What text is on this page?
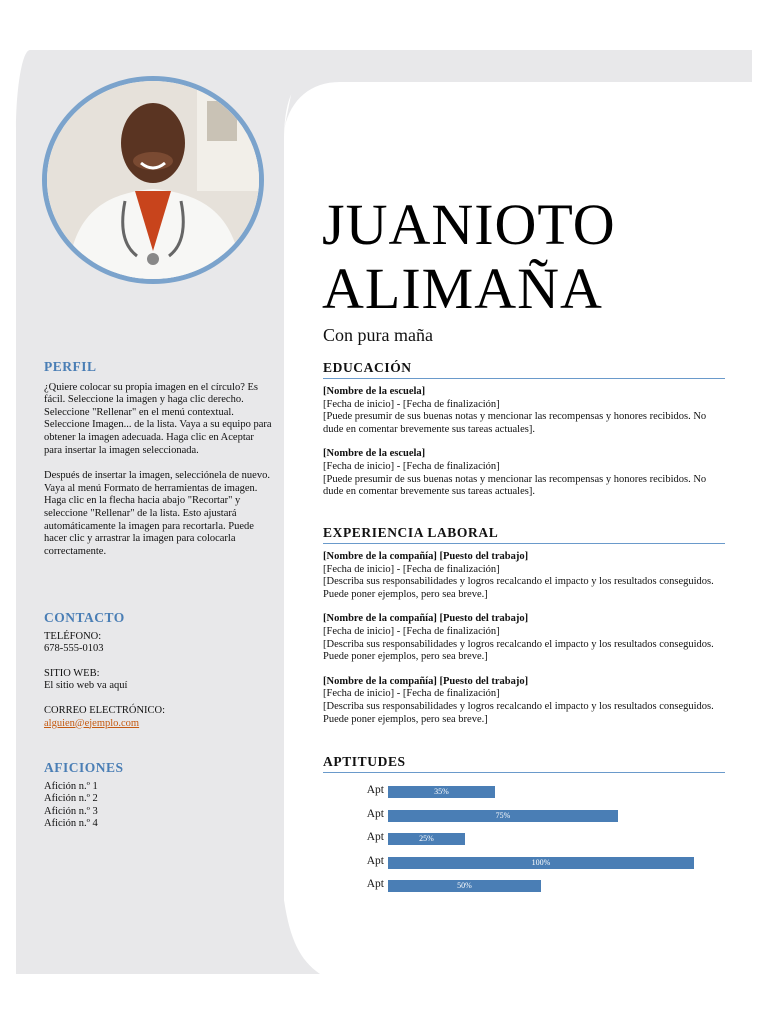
PERFIL

¿Quiere colocar su propia imagen en el círculo? Es fácil. Seleccione la imagen y haga clic derecho. Seleccione "Rellenar" en el menú contextual. Seleccione Imagen... de la lista. Vaya a su equipo para obtener la imagen adecuada. Haga clic en Aceptar para insertar la imagen seleccionada.

Después de insertar la imagen, selecciónela de nuevo. Vaya al menú Formato de herramientas de imagen. Haga clic en la flecha hacia abajo "Recortar" y seleccione "Rellenar" de la lista. Esto ajustará automáticamente la imagen para recortarla. Puede hacer clic y arrastrar la imagen para colocarla correctamente.

CONTACTO

TELÉFONO:

678-555-0103

SITIO WEB:

El sitio web va aquí

CORREO ELECTRÓNICO:

alguien@ejemplo.com

AFICIONES

Afición n.º 1

Afición n.º 2

Afición n.º 3

Afición n.º 4

JUANIOTO
ALIMAÑA
Con pura maña
EDUCACIÓN

[Nombre de la escuela]

[Fecha de inicio] - [Fecha de finalización]

[Puede presumir de sus buenas notas y mencionar las recompensas y honores recibidos. No dude en comentar brevemente sus tareas actuales].

[Nombre de la escuela]

[Fecha de inicio] - [Fecha de finalización]

[Puede presumir de sus buenas notas y mencionar las recompensas y honores recibidos. No dude en comentar brevemente sus tareas actuales].

EXPERIENCIA LABORAL

[Nombre de la compañía] [Puesto del trabajo]

[Fecha de inicio] - [Fecha de finalización]

[Describa sus responsabilidades y logros recalcando el impacto y los resultados conseguidos. Puede poner ejemplos, pero sea breve.]

[Nombre de la compañía] [Puesto del trabajo]

[Fecha de inicio] - [Fecha de finalización]

[Describa sus responsabilidades y logros recalcando el impacto y los resultados conseguidos. Puede poner ejemplos, pero sea breve.]

[Nombre de la compañía] [Puesto del trabajo]

[Fecha de inicio] - [Fecha de finalización]

[Describa sus responsabilidades y logros recalcando el impacto y los resultados conseguidos. Puede poner ejemplos, pero sea breve.]

APTITUDES
Apt	35%
Apt	75%
Apt	25%
Apt	100%
Apt	50%
